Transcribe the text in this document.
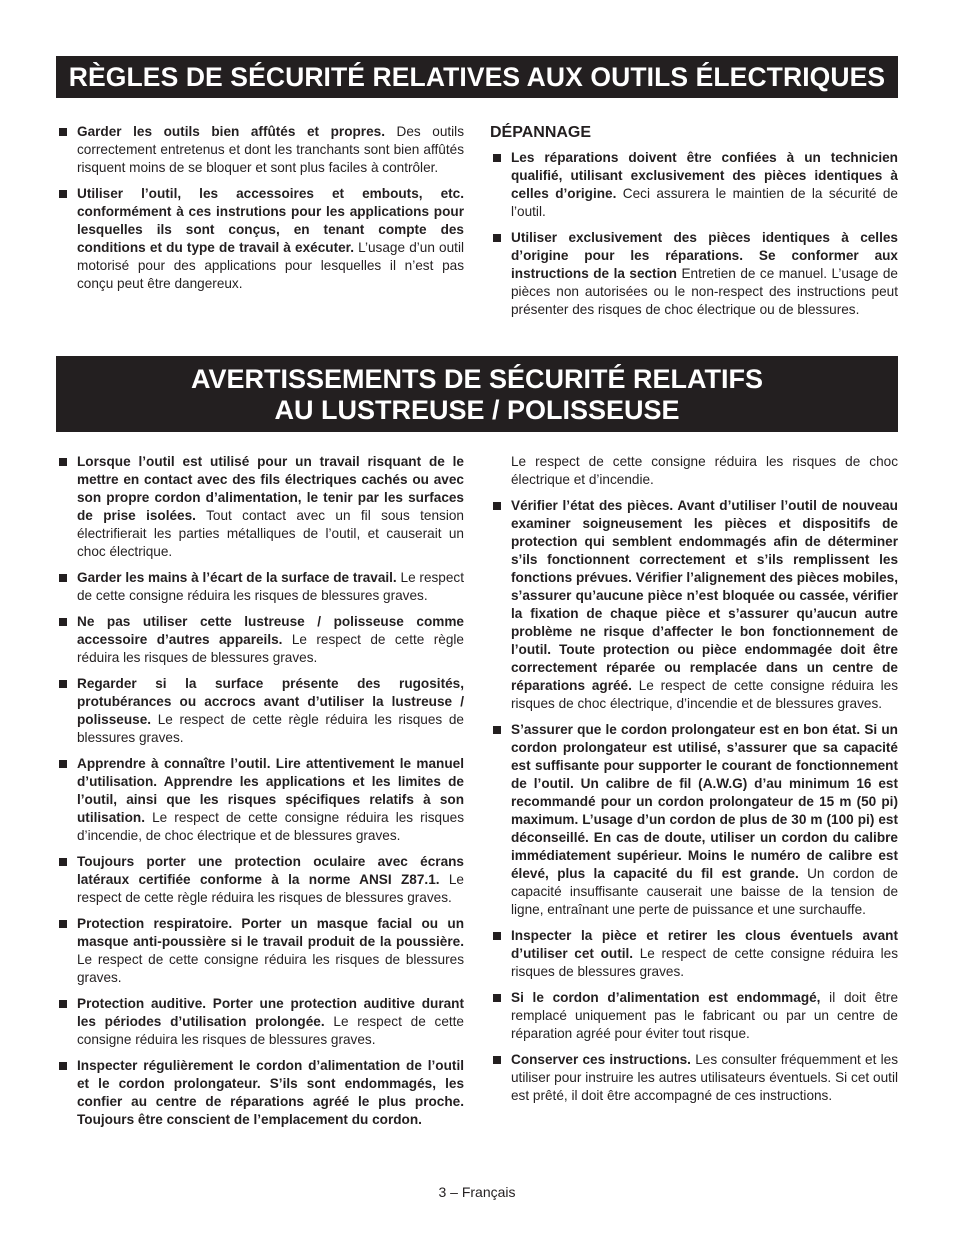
RÈGLES DE SÉCURITÉ RELATIVES AUX OUTILS ÉLECTRIQUES
Garder les outils bien affûtés et propres. Des outils correctement entretenus et dont les tranchants sont bien affûtés risquent moins de se bloquer et sont plus faciles à contrôler.
Utiliser l’outil, les accessoires et embouts, etc. conformément à ces instrutions pour les applications pour lesquelles ils sont conçus, en tenant compte des conditions et du type de travail à exécuter. L’usage d’un outil motorisé pour des applications pour lesquelles il n’est pas conçu peut être dangereux.
DÉPANNAGE
Les réparations doivent être confiées à un technicien qualifié, utilisant exclusivement des pièces identiques à celles d’origine. Ceci assurera le maintien de la sécurité de l’outil.
Utiliser exclusivement des pièces identiques à celles d’origine pour les réparations. Se conformer aux instructions de la section Entretien de ce manuel. L’usage de pièces non autorisées ou le non-respect des instructions peut présenter des risques de choc électrique ou de blessures.
AVERTISSEMENTS DE SÉCURITÉ RELATIFS
AU LUSTREUSE / POLISSEUSE
Lorsque l’outil est utilisé pour un travail risquant de le mettre en contact avec des fils électriques cachés ou avec son propre cordon d’alimentation, le tenir par les surfaces de prise isolées. Tout contact avec un fil sous tension électrifierait les parties métalliques de l’outil, et causerait un choc électrique.
Garder les mains à l’écart de la surface de travail. Le respect de cette consigne réduira les risques de blessures graves.
Ne pas utiliser cette lustreuse / polisseuse comme accessoire d’autres appareils. Le respect de cette règle réduira les risques de blessures graves.
Regarder si la surface présente des rugosités, protubérances ou accrocs avant d’utiliser la lustreuse / polisseuse. Le respect de cette règle réduira les risques de blessures graves.
Apprendre à connaître l’outil. Lire attentivement le manuel d’utilisation. Apprendre les applications et les limites de l’outil, ainsi que les risques spécifiques relatifs à son utilisation. Le respect de cette consigne réduira les risques d’incendie, de choc électrique et de blessures graves.
Toujours porter une protection oculaire avec écrans latéraux certifiée conforme à la norme ANSI Z87.1. Le respect de cette règle réduira les risques de blessures graves.
Protection respiratoire. Porter un masque facial ou un masque anti-poussière si le travail produit de la poussière. Le respect de cette consigne réduira les risques de blessures graves.
Protection auditive. Porter une protection auditive durant les périodes d’utilisation prolongée. Le respect de cette consigne réduira les risques de blessures graves.
Inspecter régulièrement le cordon d’alimentation de l’outil et le cordon prolongateur. S’ils sont endommagés, les confier au centre de réparations agréé le plus proche. Toujours être conscient de l’emplacement du cordon.
Le respect de cette consigne réduira les risques de choc électrique et d’incendie.
Vérifier l’état des pièces. Avant d’utiliser l’outil de nouveau examiner soigneusement les pièces et dispositifs de protection qui semblent endommagés afin de déterminer s’ils fonctionnent correctement et s’ils remplissent les fonctions prévues. Vérifier l’alignement des pièces mobiles, s’assurer qu’aucune pièce n’est bloquée ou cassée, vérifier la fixation de chaque pièce et s’assurer qu’aucun autre problème ne risque d’affecter le bon fonctionnement de l’outil. Toute protection ou pièce endommagée doit être correctement réparée ou remplacée dans un centre de réparations agréé. Le respect de cette consigne réduira les risques de choc électrique, d’incendie et de blessures graves.
S’assurer que le cordon prolongateur est en bon état. Si un cordon prolongateur est utilisé, s’assurer que sa capacité est suffisante pour supporter le courant de fonctionnement de l’outil. Un calibre de fil (A.W.G) d’au minimum 16 est recommandé pour un cordon prolongateur de 15 m (50 pi) maximum. L’usage d’un cordon de plus de 30 m (100 pi) est déconseillé. En cas de doute, utiliser un cordon du calibre immédiatement supérieur. Moins le numéro de calibre est élevé, plus la capacité du fil est grande. Un cordon de capacité insuffisante causerait une baisse de la tension de ligne, entraînant une perte de puissance et une surchauffe.
Inspecter la pièce et retirer les clous éventuels avant d’utiliser cet outil. Le respect de cette consigne réduira les risques de blessures graves.
Si le cordon d’alimentation est endommagé, il doit être remplacé uniquement pas le fabricant ou par un centre de réparation agréé pour éviter tout risque.
Conserver ces instructions. Les consulter fréquemment et les utiliser pour instruire les autres utilisateurs éventuels. Si cet outil est prêté, il doit être accompagné de ces instructions.
3 – Français
